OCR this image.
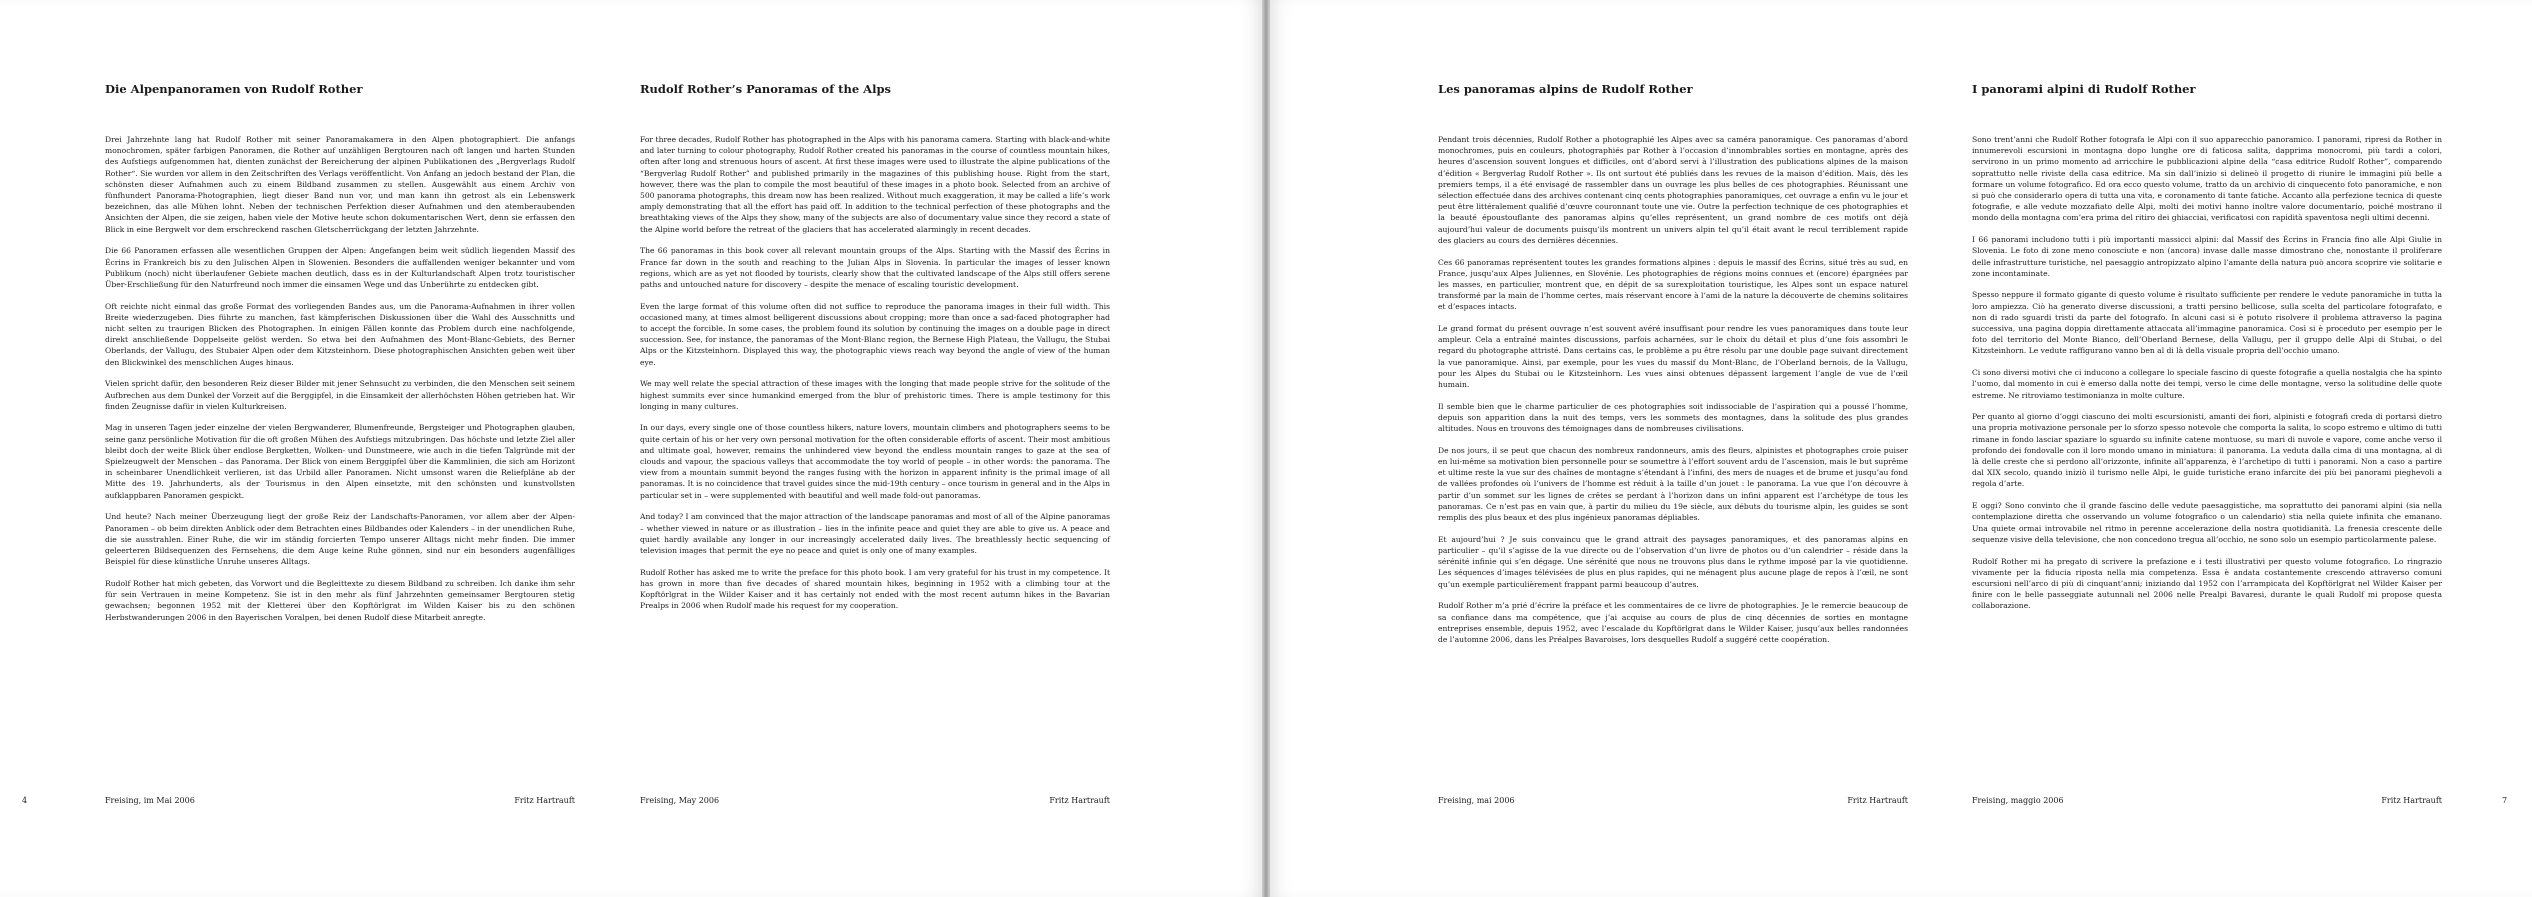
4
Die Alpenpanoramen von Rudolf Rother

Drei Jahrzehnte lang hat Rudolf Rother mit seiner Panoramakamera in den Alpen photographiert. Die anfangs monochromen, später farbigen Panoramen, die Rother auf unzähligen Bergtouren nach oft langen und harten Stunden des Aufstiegs aufgenommen hat, dienten zunächst der Bereicherung der alpinen Publikationen des „Bergverlags Rudolf Rother“. Sie wurden vor allem in den Zeitschriften des Verlags veröffentlicht. Von Anfang an jedoch bestand der Plan, die schönsten dieser Aufnahmen auch zu einem Bildband zusammen zu stellen. Ausgewählt aus einem Archiv von fünfhundert Panorama-Photographien, liegt dieser Band nun vor, und man kann ihn getrost als ein Lebenswerk bezeichnen, das alle Mühen lohnt. Neben der technischen Perfektion dieser Aufnahmen und den atemberaubenden Ansichten der Alpen, die sie zeigen, haben viele der Motive heute schon dokumentarischen Wert, denn sie erfassen den Blick in eine Bergwelt vor dem erschreckend raschen Gletscherrückgang der letzten Jahrzehnte.

Die 66 Panoramen erfassen alle wesentlichen Gruppen der Alpen: Angefangen beim weit südlich liegenden Massif des Écrins in Frankreich bis zu den Julischen Alpen in Slowenien. Besonders die auffallenden weniger bekannter und vom Publikum (noch) nicht überlaufener Gebiete machen deutlich, dass es in der Kulturlandschaft Alpen trotz touristischer Über-Erschließung für den Naturfreund noch immer die einsamen Wege und das Unberührte zu entdecken gibt.

Oft reichte nicht einmal das große Format des vorliegenden Bandes aus, um die Panorama-Aufnahmen in ihrer vollen Breite wiederzugeben. Dies führte zu manchen, fast kämpferischen Diskussionen über die Wahl des Ausschnitts und nicht selten zu traurigen Blicken des Photographen. In einigen Fällen konnte das Problem durch eine nachfolgende, direkt anschließende Doppelseite gelöst werden. So etwa bei den Aufnahmen des Mont-Blanc-Gebiets, des Berner Oberlands, der Vallugu, des Stubaier Alpen oder dem Kitzsteinhorn. Diese photographischen Ansichten geben weit über den Blickwinkel des menschlichen Auges hinaus.

Vielen spricht dafür, den besonderen Reiz dieser Bilder mit jener Sehnsucht zu verbinden, die den Menschen seit seinem Aufbrechen aus dem Dunkel der Vorzeit auf die Berggipfel, in die Einsamkeit der allerhöchsten Höhen getrieben hat. Wir finden Zeugnisse dafür in vielen Kulturkreisen.

Mag in unseren Tagen jeder einzelne der vielen Bergwanderer, Blumenfreunde, Bergsteiger und Photographen glauben, seine ganz persönliche Motivation für die oft großen Mühen des Aufstiegs mitzubringen. Das höchste und letzte Ziel aller bleibt doch der weite Blick über endlose Bergketten, Wolken- und Dunstmeere, wie auch in die tiefen Talgründe mit der Spielzeugwelt der Menschen – das Panorama. Der Blick von einem Berggipfel über die Kammlinien, die sich am Horizont in scheinbarer Unendlichkeit verlieren, ist das Urbild aller Panoramen. Nicht umsonst waren die Reliefpläne ab der Mitte des 19. Jahrhunderts, als der Tourismus in den Alpen einsetzte, mit den schönsten und kunstvollsten aufklappbaren Panoramen gespickt.

Und heute? Nach meiner Überzeugung liegt der große Reiz der Landschafts-Panoramen, vor allem aber der Alpen-Panoramen – ob beim direkten Anblick oder dem Betrachten eines Bildbandes oder Kalenders – in der unendlichen Ruhe, die sie ausstrahlen. Einer Ruhe, die wir im ständig forcierten Tempo unserer Alltags nicht mehr finden. Die immer geleerteren Bildsequenzen des Fernsehens, die dem Auge keine Ruhe gönnen, sind nur ein besonders augenfälliges Beispiel für diese künstliche Unruhe unseres Alltags.

Rudolf Rother hat mich gebeten, das Vorwort und die Begleittexte zu diesem Bildband zu schreiben. Ich danke ihm sehr für sein Vertrauen in meine Kompetenz. Sie ist in den mehr als fünf Jahrzehnten gemeinsamer Bergtouren stetig gewachsen; begonnen 1952 mit der Kletterei über den Kopftörlgrat im Wilden Kaiser bis zu den schönen Herbstwanderungen 2006 in den Bayerischen Voralpen, bei denen Rudolf diese Mitarbeit anregte.

Freising, im Mai 2006	Fritz Hartrauft
Rudolf Rother’s Panoramas of the Alps

For three decades, Rudolf Rother has photographed in the Alps with his panorama camera. Starting with black-and-white and later turning to colour photography, Rudolf Rother created his panoramas in the course of countless mountain hikes, often after long and strenuous hours of ascent. At first these images were used to illustrate the alpine publications of the “Bergverlag Rudolf Rother” and published primarily in the magazines of this publishing house. Right from the start, however, there was the plan to compile the most beautiful of these images in a photo book. Selected from an archive of 500 panorama photographs, this dream now has been realized. Without much exaggeration, it may be called a life’s work amply demonstrating that all the effort has paid off. In addition to the technical perfection of these photographs and the breathtaking views of the Alps they show, many of the subjects are also of documentary value since they record a state of the Alpine world before the retreat of the glaciers that has accelerated alarmingly in recent decades.

The 66 panoramas in this book cover all relevant mountain groups of the Alps. Starting with the Massif des Écrins in France far down in the south and reaching to the Julian Alps in Slovenia. In particular the images of lesser known regions, which are as yet not flooded by tourists, clearly show that the cultivated landscape of the Alps still offers serene paths and untouched nature for discovery – despite the menace of escaling touristic development.

Even the large format of this volume often did not suffice to reproduce the panorama images in their full width. This occasioned many, at times almost belligerent discussions about cropping; more than once a sad-faced photographer had to accept the forcible. In some cases, the problem found its solution by continuing the images on a double page in direct succession. See, for instance, the panoramas of the Mont-Blanc region, the Bernese High Plateau, the Vallugu, the Stubai Alps or the Kitzsteinhorn. Displayed this way, the photographic views reach way beyond the angle of view of the human eye.

We may well relate the special attraction of these images with the longing that made people strive for the solitude of the highest summits ever since humankind emerged from the blur of prehistoric times. There is ample testimony for this longing in many cultures.

In our days, every single one of those countless hikers, nature lovers, mountain climbers and photographers seems to be quite certain of his or her very own personal motivation for the often considerable efforts of ascent. Their most ambitious and ultimate goal, however, remains the unhindered view beyond the endless mountain ranges to gaze at the sea of clouds and vapour, the spacious valleys that accommodate the toy world of people – in other words: the panorama. The view from a mountain summit beyond the ranges fusing with the horizon in apparent infinity is the primal image of all panoramas. It is no coincidence that travel guides since the mid-19th century – once tourism in general and in the Alps in particular set in – were supplemented with beautiful and well made fold-out panoramas.

And today? I am convinced that the major attraction of the landscape panoramas and most of all of the Alpine panoramas – whether viewed in nature or as illustration – lies in the infinite peace and quiet they are able to give us. A peace and quiet hardly available any longer in our increasingly accelerated daily lives. The breathlessly hectic sequencing of television images that permit the eye no peace and quiet is only one of many examples.

Rudolf Rother has asked me to write the preface for this photo book. I am very grateful for his trust in my competence. It has grown in more than five decades of shared mountain hikes, beginning in 1952 with a climbing tour at the Kopftörlgrat in the Wilder Kaiser and it has certainly not ended with the most recent autumn hikes in the Bavarian Prealps in 2006 when Rudolf made his request for my cooperation.

Freising, May 2006	Fritz Hartrauft
Les panoramas alpins de Rudolf Rother

Pendant trois décennies, Rudolf Rother a photographié les Alpes avec sa caméra panoramique. Ces panoramas d’abord monochromes, puis en couleurs, photographiés par Rother à l’occasion d’innombrables sorties en montagne, après des heures d’ascension souvent longues et difficiles, ont d’abord servi à l’illustration des publications alpines de la maison d’édition « Bergverlag Rudolf Rother ». Ils ont surtout été publiés dans les revues de la maison d’édition. Mais, dès les premiers temps, il a été envisagé de rassembler dans un ouvrage les plus belles de ces photographies. Réunissant une sélection effectuée dans des archives contenant cinq cents photographies panoramiques, cet ouvrage a enfin vu le jour et peut être littéralement qualifié d’œuvre couronnant toute une vie. Outre la perfection technique de ces photographies et la beauté époustouflante des panoramas alpins qu’elles représentent, un grand nombre de ces motifs ont déjà aujourd’hui valeur de documents puisqu’ils montrent un univers alpin tel qu’il était avant le recul terriblement rapide des glaciers au cours des dernières décennies.

Ces 66 panoramas représentent toutes les grandes formations alpines : depuis le massif des Écrins, situé très au sud, en France, jusqu’aux Alpes Juliennes, en Slovénie. Les photographies de régions moins connues et (encore) épargnées par les masses, en particulier, montrent que, en dépit de sa surexploitation touristique, les Alpes sont un espace naturel transformé par la main de l’homme certes, mais réservant encore à l’ami de la nature la découverte de chemins solitaires et d’espaces intacts.

Le grand format du présent ouvrage n’est souvent avéré insuffisant pour rendre les vues panoramiques dans toute leur ampleur. Cela a entraîné maintes discussions, parfois acharnées, sur le choix du détail et plus d’une fois assombri le regard du photographe attristé. Dans certains cas, le problème a pu être résolu par une double page suivant directement la vue panoramique. Ainsi, par exemple, pour les vues du massif du Mont-Blanc, de l’Oberland bernois, de la Vallugu, pour les Alpes du Stubai ou le Kitzsteinhorn. Les vues ainsi obtenues dépassent largement l’angle de vue de l’œil humain.

Il semble bien que le charme particulier de ces photographies soit indissociable de l’aspiration qui a poussé l’homme, depuis son apparition dans la nuit des temps, vers les sommets des montagnes, dans la solitude des plus grandes altitudes. Nous en trouvons des témoignages dans de nombreuses civilisations.

De nos jours, il se peut que chacun des nombreux randonneurs, amis des fleurs, alpinistes et photographes croie puiser en lui-même sa motivation bien personnelle pour se soumettre à l’effort souvent ardu de l’ascension, mais le but suprême et ultime reste la vue sur des chaînes de montagne s’étendant à l’infini, des mers de nuages et de brume et jusqu’au fond de vallées profondes où l’univers de l’homme est réduit à la taille d’un jouet : le panorama. La vue que l’on découvre à partir d’un sommet sur les lignes de crêtes se perdant à l’horizon dans un infini apparent est l’archétype de tous les panoramas. Ce n’est pas en vain que, à partir du milieu du 19e siècle, aux débuts du tourisme alpin, les guides se sont remplis des plus beaux et des plus ingénieux panoramas dépliables.

Et aujourd’hui ? Je suis convaincu que le grand attrait des paysages panoramiques, et des panoramas alpins en particulier – qu’il s’agisse de la vue directe ou de l’observation d’un livre de photos ou d’un calendrier – réside dans la sérénité infinie qui s’en dégage. Une sérénité que nous ne trouvons plus dans le rythme imposé par la vie quotidienne. Les séquences d’images télévisées de plus en plus rapides, qui ne ménagent plus aucune plage de repos à l’œil, ne sont qu’un exemple particulièrement frappant parmi beaucoup d’autres.

Rudolf Rother m’a prié d’écrire la préface et les commentaires de ce livre de photographies. Je le remercie beaucoup de sa confiance dans ma compétence, que j’ai acquise au cours de plus de cinq décennies de sorties en montagne entreprises ensemble, depuis 1952, avec l’escalade du Kopftörlgrat dans le Wilder Kaiser, jusqu’aux belles randonnées de l’automne 2006, dans les Préalpes Bavaroises, lors desquelles Rudolf a suggéré cette coopération.

Freising, mai 2006	Fritz Hartrauft
I panorami alpini di Rudolf Rother

Sono trent’anni che Rudolf Rother fotografa le Alpi con il suo apparecchio panoramico. I panorami, ripresi da Rother in innumerevoli escursioni in montagna dopo lunghe ore di faticosa salita, dapprima monocromi, più tardi a colori, servirono in un primo momento ad arricchire le pubblicazioni alpine della “casa editrice Rudolf Rother”, comparendo soprattutto nelle riviste della casa editrice. Ma sin dall’inizio si delineò il progetto di riunire le immagini più belle a formare un volume fotografico. Ed ora ecco questo volume, tratto da un archivio di cinquecento foto panoramiche, e non si può che considerarlo opera di tutta una vita, e coronamento di tante fatiche. Accanto alla perfezione tecnica di queste fotografie, e alle vedute mozzafiato delle Alpi, molti dei motivi hanno inoltre valore documentario, poiché mostrano il mondo della montagna com’era prima del ritiro dei ghiacciai, verificatosi con rapidità spaventosa negli ultimi decenni.

I 66 panorami includono tutti i più importanti massicci alpini: dal Massif des Écrins in Francia fino alle Alpi Giulie in Slovenia. Le foto di zone meno conosciute e non (ancora) invase dalle masse dimostrano che, nonostante il proliferare delle infrastrutture turistiche, nel paesaggio antropizzato alpino l’amante della natura può ancora scoprire vie solitarie e zone incontaminate.

Spesso neppure il formato gigante di questo volume è risultato sufficiente per rendere le vedute panoramiche in tutta la loro ampiezza. Ciò ha generato diverse discussioni, a tratti persino bellicose, sulla scelta del particolare fotografato, e non di rado sguardi tristi da parte del fotografo. In alcuni casi si è potuto risolvere il problema attraverso la pagina successiva, una pagina doppia direttamente attaccata all’immagine panoramica. Così si è proceduto per esempio per le foto del territorio del Monte Bianco, dell’Oberland Bernese, della Vallugu, per il gruppo delle Alpi di Stubai, o del Kitzsteinhorn. Le vedute raffigurano vanno ben al di là della visuale propria dell’occhio umano.

Ci sono diversi motivi che ci inducono a collegare lo speciale fascino di queste fotografie a quella nostalgia che ha spinto l’uomo, dal momento in cui è emerso dalla notte dei tempi, verso le cime delle montagne, verso la solitudine delle quote estreme. Ne ritroviamo testimonianza in molte culture.

Per quanto al giorno d’oggi ciascuno dei molti escursionisti, amanti dei fiori, alpinisti e fotografi creda di portarsi dietro una propria motivazione personale per lo sforzo spesso notevole che comporta la salita, lo scopo estremo e ultimo di tutti rimane in fondo lasciar spaziare lo sguardo su infinite catene montuose, su mari di nuvole e vapore, come anche verso il profondo dei fondovalle con il loro mondo umano in miniatura: il panorama. La veduta dalla cima di una montagna, al di là delle creste che si perdono all’orizzonte, infinite all’apparenza, è l’archetipo di tutti i panorami. Non a caso a partire dal XIX secolo, quando iniziò il turismo nelle Alpi, le guide turistiche erano infarcite dei più bei panorami pieghevoli a regola d’arte.

E oggi? Sono convinto che il grande fascino delle vedute paesaggistiche, ma soprattutto dei panorami alpini (sia nella contemplazione diretta che osservando un volume fotografico o un calendario) stia nella quiete infinita che emanano. Una quiete ormai introvabile nel ritmo in perenne accelerazione della nostra quotidianità. La frenesia crescente delle sequenze visive della televisione, che non concedono tregua all’occhio, ne sono solo un esempio particolarmente palese.

Rudolf Rother mi ha pregato di scrivere la prefazione e i testi illustrativi per questo volume fotografico. Lo ringrazio vivamente per la fiducia riposta nella mia competenza. Essa è andata costantemente crescendo attraverso comuni escursioni nell’arco di più di cinquant’anni; iniziando dal 1952 con l’arrampicata del Kopftörlgrat nel Wilder Kaiser per finire con le belle passeggiate autunnali nel 2006 nelle Prealpi Bavaresi, durante le quali Rudolf mi propose questa collaborazione.

Freising, maggio 2006	Fritz Hartrauft	7
